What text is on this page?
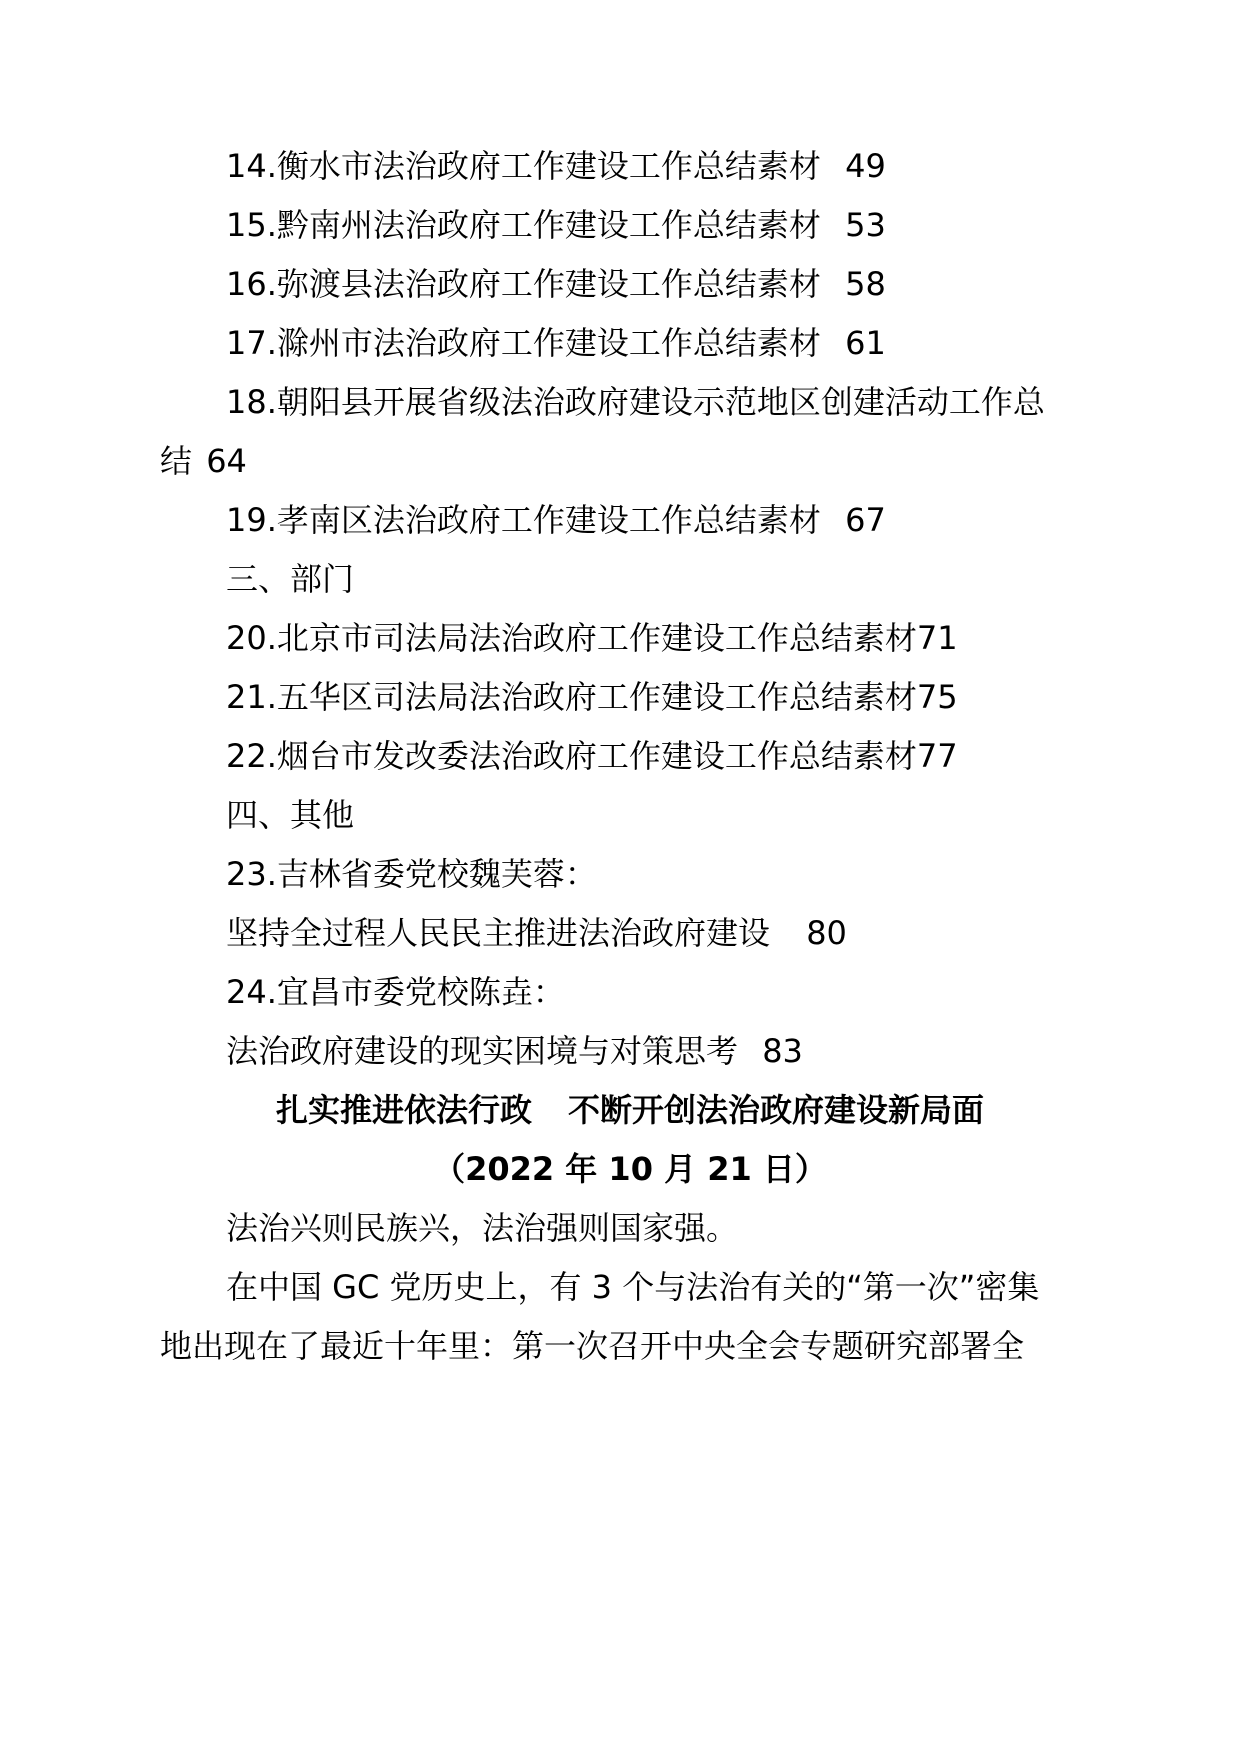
14.衡水市法治政府工作建设工作总结素材 49
15.黔南州法治政府工作建设工作总结素材 53
16.弥渡县法治政府工作建设工作总结素材 58
17.滁州市法治政府工作建设工作总结素材 61
18.朝阳县开展省级法治政府建设示范地区创建活动工作总
结 64
19.孝南区法治政府工作建设工作总结素材 67
三、部门
20.北京市司法局法治政府工作建设工作总结素材71
21.五华区司法局法治政府工作建设工作总结素材75
22.烟台市发改委法治政府工作建设工作总结素材77
四、其他
23.吉林省委党校魏芙蓉：
坚持全过程人民民主推进法治政府建设 80
24.宜昌市委党校陈垚：
法治政府建设的现实困境与对策思考 83
扎实推进依法行政 不断开创法治政府建设新局面
（2022 年 10 月 21 日）
法治兴则民族兴，法治强则国家强。
在中国 GC 党历史上，有 3 个与法治有关的“第一次”密集
地出现在了最近十年里：第一次召开中央全会专题研究部署全
